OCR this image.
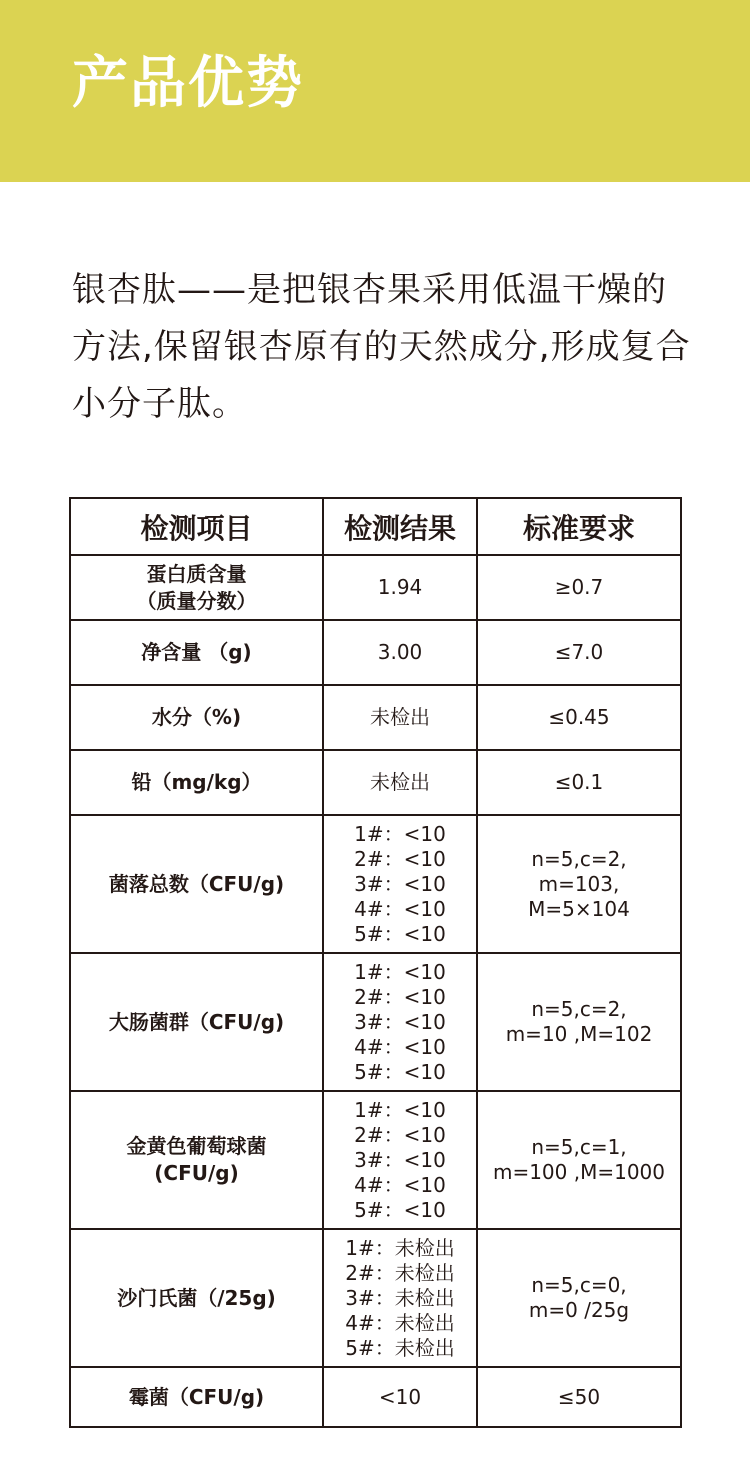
产品优势

银杏肽——是把银杏果采用低温干燥的方法,保留银杏原有的天然成分,形成复合小分子肽。

检测项目	检测结果	标准要求

蛋白质含量
（质量分数）	1.94	≥0.7

净含量 （g)	3.00	≤7.0

水分（%)	未检出	≤0.45

铅（mg/kg）	未检出	≤0.1

菌落总数（CFU/g)	1#：<10
2#：<10
3#：<10
4#：<10
5#：<10	n=5,c=2,
m=103,
M=5×104

大肠菌群（CFU/g)	1#：<10
2#：<10
3#：<10
4#：<10
5#：<10	n=5,c=2,
m=10 ,M=102

金黄色葡萄球菌
(CFU/g)	1#：<10
2#：<10
3#：<10
4#：<10
5#：<10	n=5,c=1,
m=100 ,M=1000

沙门氏菌（/25g)	1#：未检出
2#：未检出
3#：未检出
4#：未检出
5#：未检出	n=5,c=0,
m=0 /25g

霉菌（CFU/g)	<10	≤50
